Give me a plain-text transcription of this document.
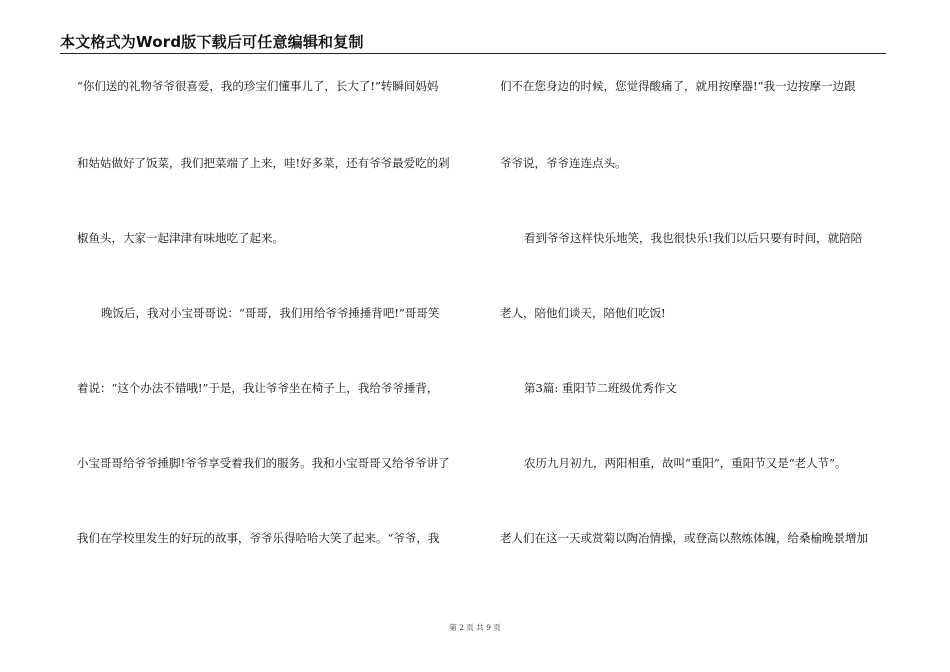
本文格式为Word版下载后可任意编辑和复制
“你们送的礼物爷爷很喜爱，我的珍宝们懂事儿了，长大了!”转瞬间妈妈
和姑姑做好了饭菜，我们把菜端了上来，哇!好多菜，还有爷爷最爱吃的剁
椒鱼头，大家一起津津有味地吃了起来。
晚饭后，我对小宝哥哥说：“哥哥，我们用给爷爷捶捶背吧!”哥哥笑
着说：“这个办法不错哦!”于是，我让爷爷坐在椅子上，我给爷爷捶背，
小宝哥哥给爷爷捶脚!爷爷享受着我们的服务。我和小宝哥哥又给爷爷讲了
我们在学校里发生的好玩的故事，爷爷乐得哈哈大笑了起来。“爷爷，我
们不在您身边的时候，您觉得酸痛了，就用按摩器!”我一边按摩一边跟
爷爷说，爷爷连连点头。
看到爷爷这样快乐地笑，我也很快乐!我们以后只要有时间，就陪陪
老人，陪他们谈天，陪他们吃饭!
第3篇: 重阳节二班级优秀作文
农历九月初九，两阳相重，故叫“重阳”，重阳节又是“老人节”。
老人们在这一天或赏菊以陶冶情操，或登高以熬炼体魄，给桑榆晚景增加
第 2 页 共 9 页
